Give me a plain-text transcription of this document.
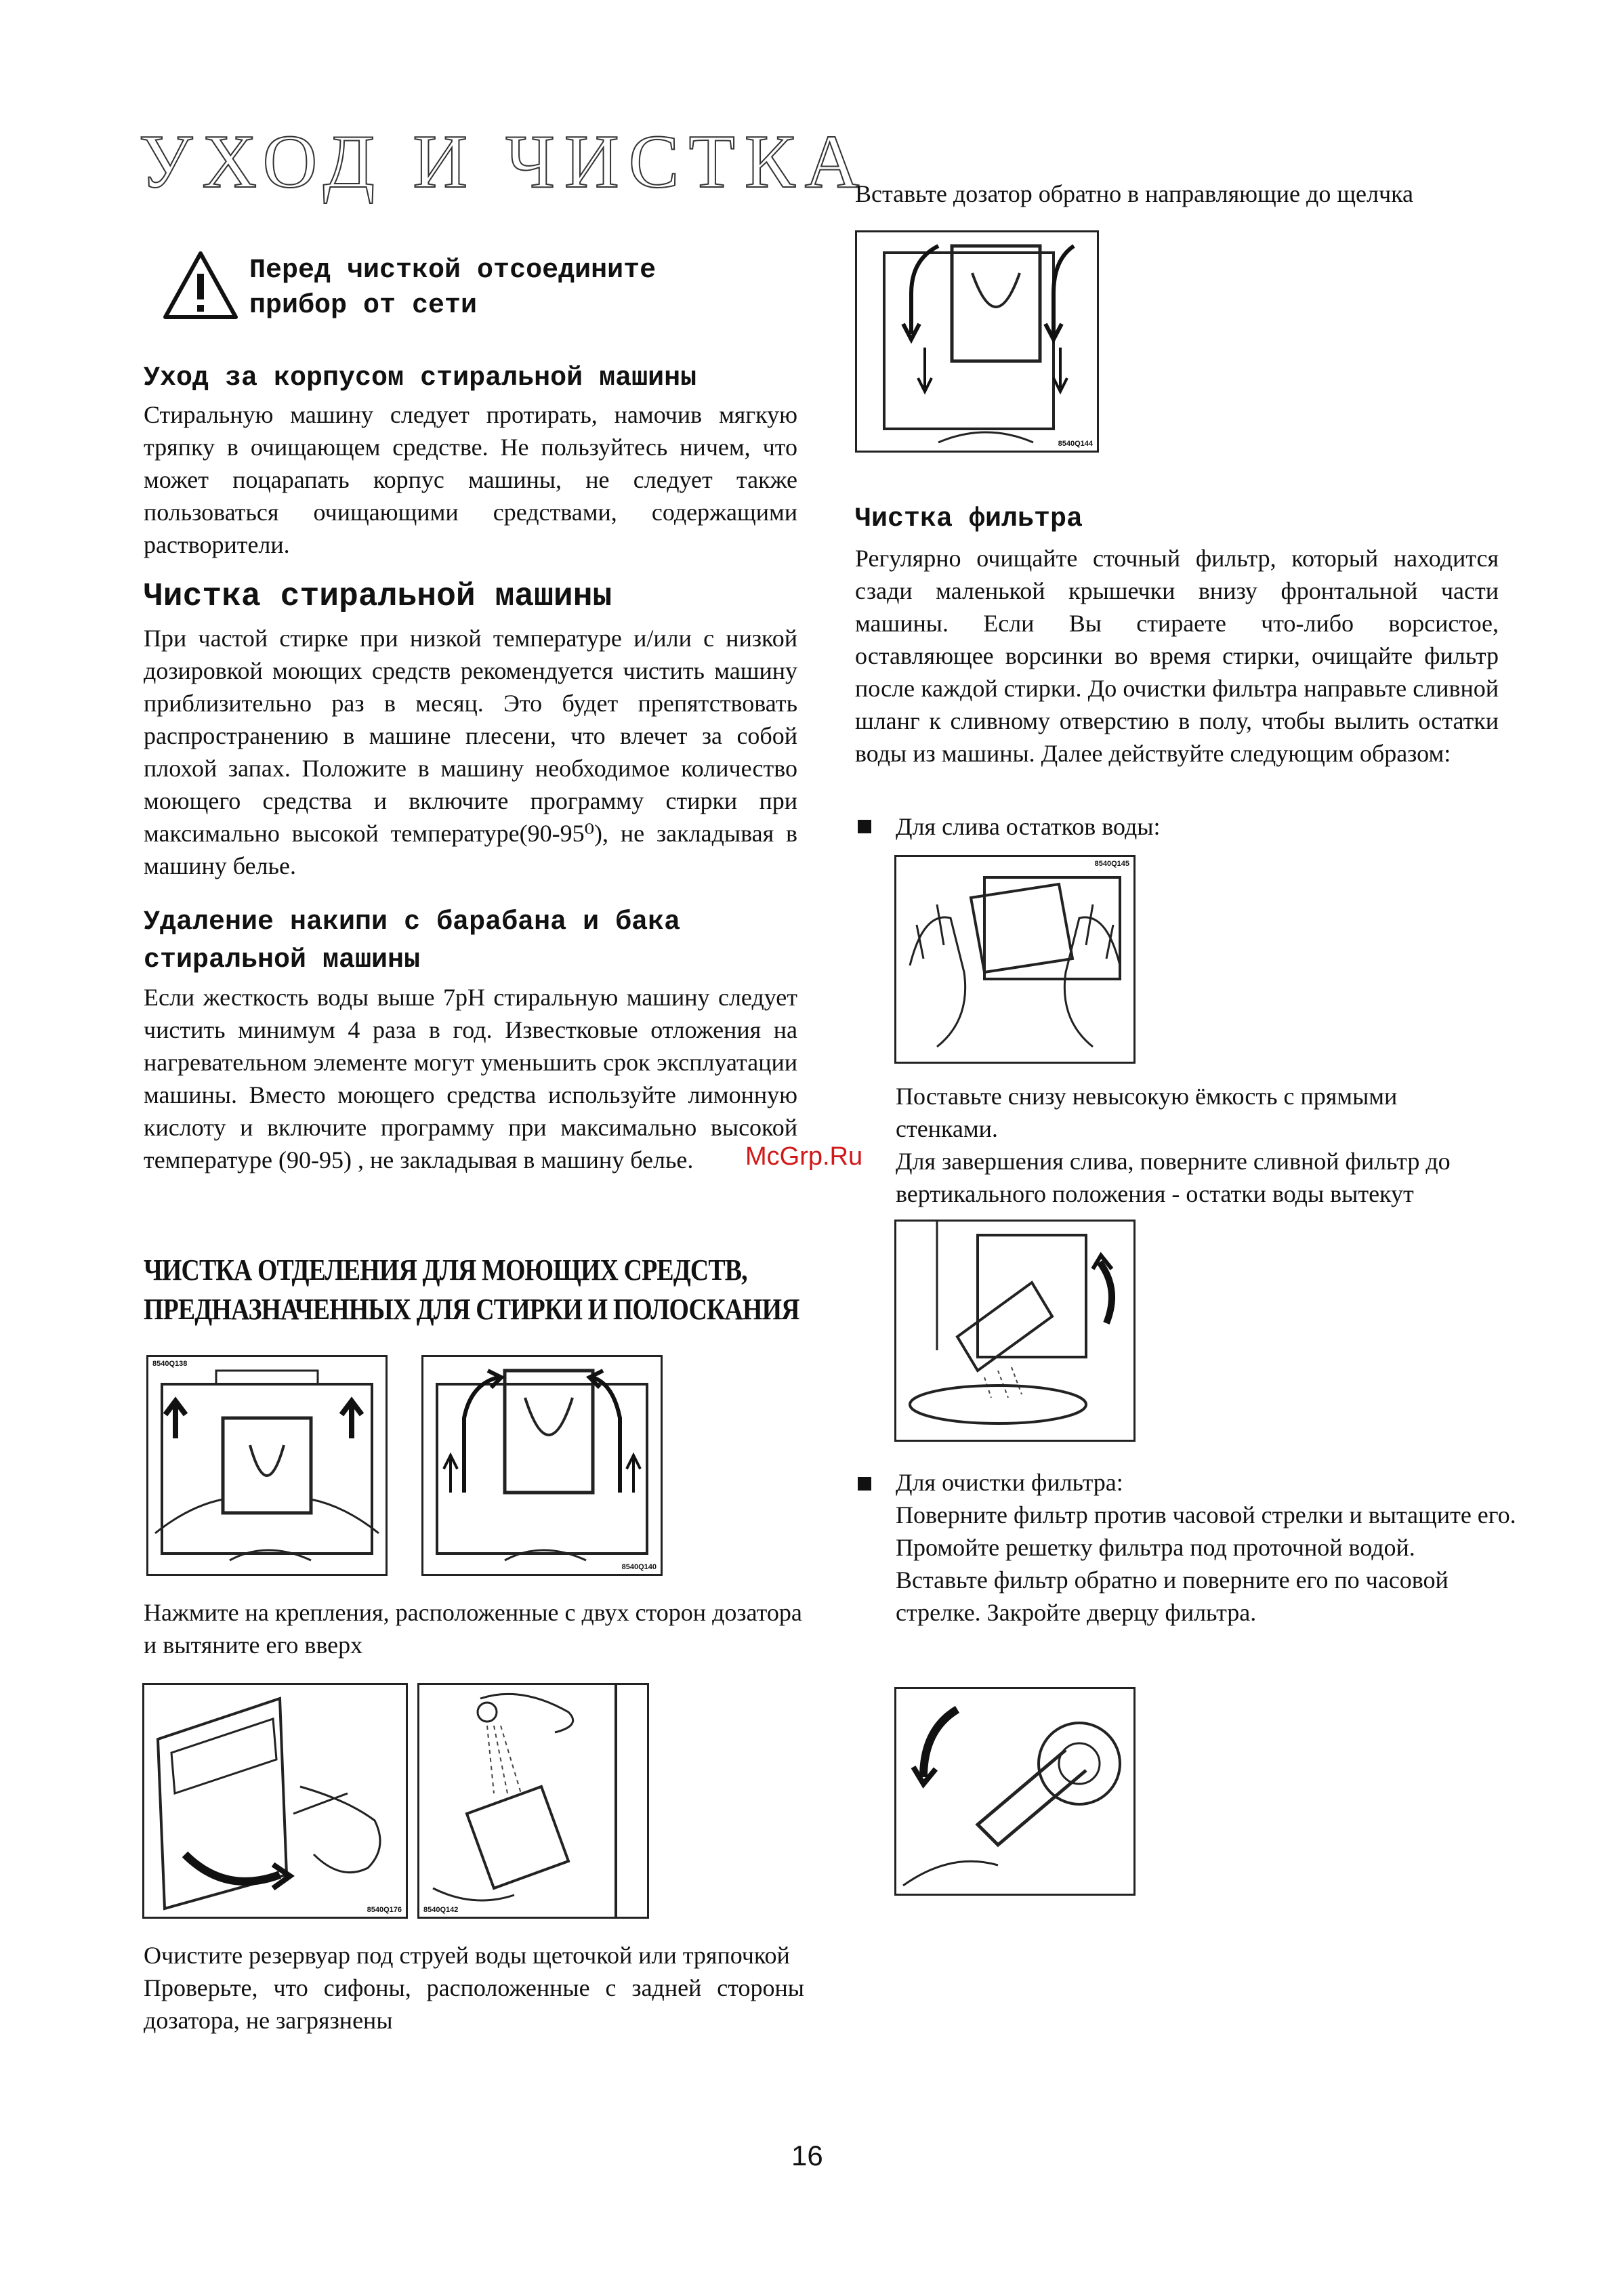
УХОД И ЧИСТКА
Перед чисткой отсоедините
прибор от сети
Уход за корпусом стиральной машины
Стиральную машину следует протирать, намочив мягкую тряпку в очищающем средстве. Не пользуйтесь ничем, что может поцарапать корпус машины, не следует также пользоваться очищающими средствами, содержащими растворители.
Чистка стиральной машины
При частой стирке при низкой температуре и/или с низкой дозировкой моющих средств рекомендуется чистить машину приблизительно раз в месяц. Это будет препятствовать распространению в машине плесени, что влечет за собой плохой запах. Положите в машину необходимое количество моющего средства и включите программу стирки при максимально высокой температуре(90-95⁰), не закладывая в машину белье.
Удаление накипи с барабана и бака
стиральной машины
Если жесткость воды выше 7pH стиральную машину следует чистить минимум 4 раза в год. Известковые отложения на нагревательном элементе могут уменьшить срок эксплуатации машины. Вместо моющего средства используйте лимонную кислоту и включите программу при максимально высокой температуре (90-95) , не закладывая в машину белье.
ЧИСТКА ОТДЕЛЕНИЯ ДЛЯ МОЮЩИХ СРЕДСТВ,
ПРЕДНАЗНАЧЕННЫХ ДЛЯ СТИРКИ И ПОЛОСКАНИЯ
8540Q138
8540Q140
Нажмите на крепления, расположенные с двух сторон дозатора и вытяните его вверх
8540Q176	8540Q142

Очистите резервуар под струей воды щеточкой или тряпочкой

Проверьте, что сифоны, расположенные с задней стороны дозатора, не загрязнены

Вставьте дозатор обратно в направляющие до щелчка
8540Q144
Чистка фильтра
Регулярно очищайте сточный фильтр, который находится сзади маленькой крышечки внизу фронтальной части машины. Если Вы стираете что-либо ворсистое, оставляющее ворсинки во время стирки, очищайте фильтр после каждой стирки. До очистки фильтра направьте сливной шланг к сливному отверстию в полу, чтобы вылить остатки воды из машины. Далее действуйте следующим образом:
Для слива остатков воды:
8540Q145
Поставьте снизу невысокую ёмкость с прямыми стенками.
Для завершения слива, поверните сливной фильтр до вертикального положения - остатки воды вытекут
Для очистки фильтра:
Поверните фильтр против часовой стрелки и вытащите его.
Промойте решетку фильтра под проточной водой.
Вставьте фильтр обратно и поверните его по часовой стрелке. Закройте дверцу фильтра.
McGrp.Ru
16
